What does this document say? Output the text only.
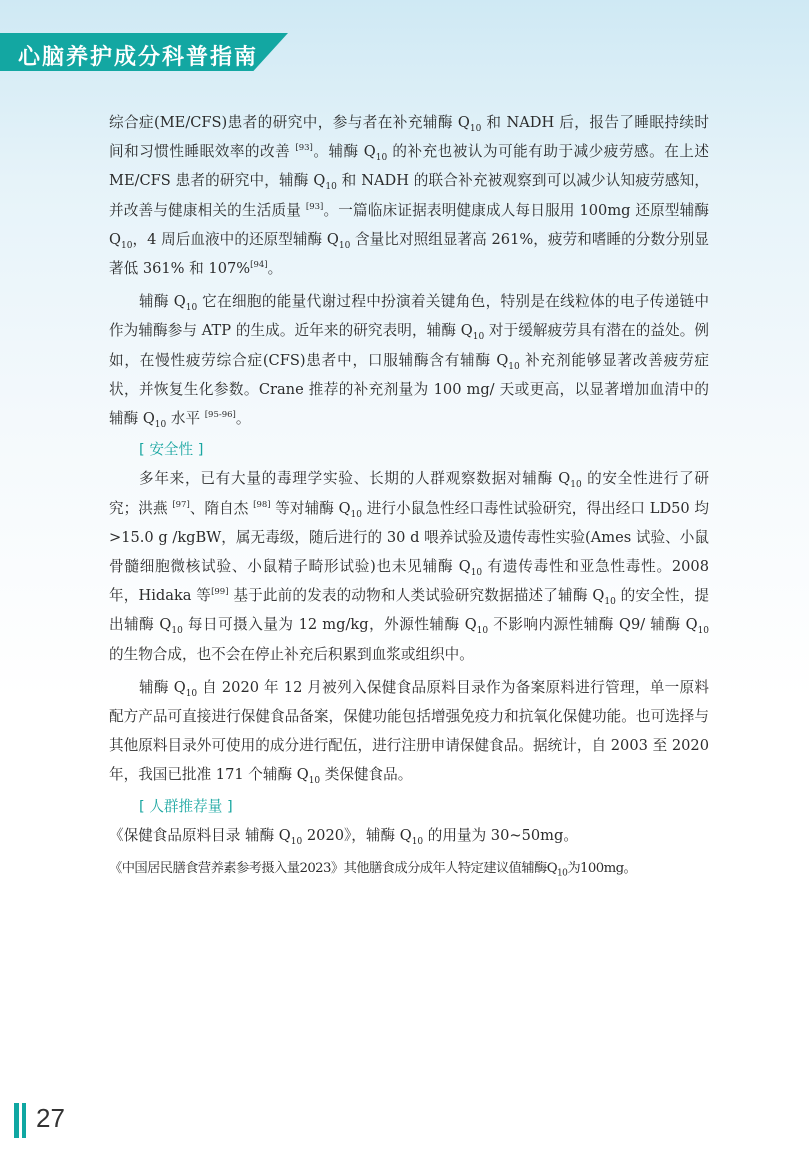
心脑养护成分科普指南

综合症(ME/CFS)患者的研究中，参与者在补充辅酶 $Q_{10}$ 和 NADH 后，报告了睡眠持续时间和习惯性睡眠效率的改善 [93]。辅酶 $Q_{10}$ 的补充也被认为可能有助于减少疲劳感。在上述 ME/CFS 患者的研究中，辅酶 $Q_{10}$ 和 NADH 的联合补充被观察到可以减少认知疲劳感知，并改善与健康相关的生活质量 [93]。一篇临床证据表明健康成人每日服用 100mg 还原型辅酶 $Q_{10}$，4 周后血液中的还原型辅酶 $Q_{10}$ 含量比对照组显著高 261%，疲劳和嗜睡的分数分别显著低 361% 和 107%[94]。

辅酶 $Q_{10}$ 它在细胞的能量代谢过程中扮演着关键角色，特别是在线粒体的电子传递链中作为辅酶参与 ATP 的生成。近年来的研究表明，辅酶 $Q_{10}$ 对于缓解疲劳具有潜在的益处。例如，在慢性疲劳综合症(CFS)患者中，口服辅酶含有辅酶 $Q_{10}$ 补充剂能够显著改善疲劳症状，并恢复生化参数。Crane 推荐的补充剂量为 100 mg/ 天或更高，以显著增加血清中的辅酶 $Q_{10}$ 水平 [95-96]。

[ 安全性 ]

多年来，已有大量的毒理学实验、长期的人群观察数据对辅酶 $Q_{10}$ 的安全性进行了研究；洪燕 [97]、隋自杰 [98] 等对辅酶 $Q_{10}$ 进行小鼠急性经口毒性试验研究，得出经口 LD50 均 >15.0 g /kgBW，属无毒级，随后进行的 30 d 喂养试验及遗传毒性实验(Ames 试验、小鼠骨髓细胞微核试验、小鼠精子畸形试验)也未见辅酶 $Q_{10}$ 有遗传毒性和亚急性毒性。2008 年，Hidaka 等[99] 基于此前的发表的动物和人类试验研究数据描述了辅酶 $Q_{10}$ 的安全性，提出辅酶 $Q_{10}$ 每日可摄入量为 12 mg/kg，外源性辅酶 $Q_{10}$ 不影响内源性辅酶 Q9/ 辅酶 $Q_{10}$ 的生物合成，也不会在停止补充后积累到血浆或组织中。

辅酶 $Q_{10}$ 自 2020 年 12 月被列入保健食品原料目录作为备案原料进行管理，单一原料配方产品可直接进行保健食品备案，保健功能包括增强免疫力和抗氧化保健功能。也可选择与其他原料目录外可使用的成分进行配伍，进行注册申请保健食品。据统计，自 2003 至 2020 年，我国已批准 171 个辅酶 $Q_{10}$ 类保健食品。

[ 人群推荐量 ]

《保健食品原料目录 辅酶 $Q_{10}$ 2020》，辅酶 $Q_{10}$ 的用量为 30~50mg。

《中国居民膳食营养素参考摄入量2023》其他膳食成分成年人特定建议值辅酶$Q_{10}$为100mg。

27
